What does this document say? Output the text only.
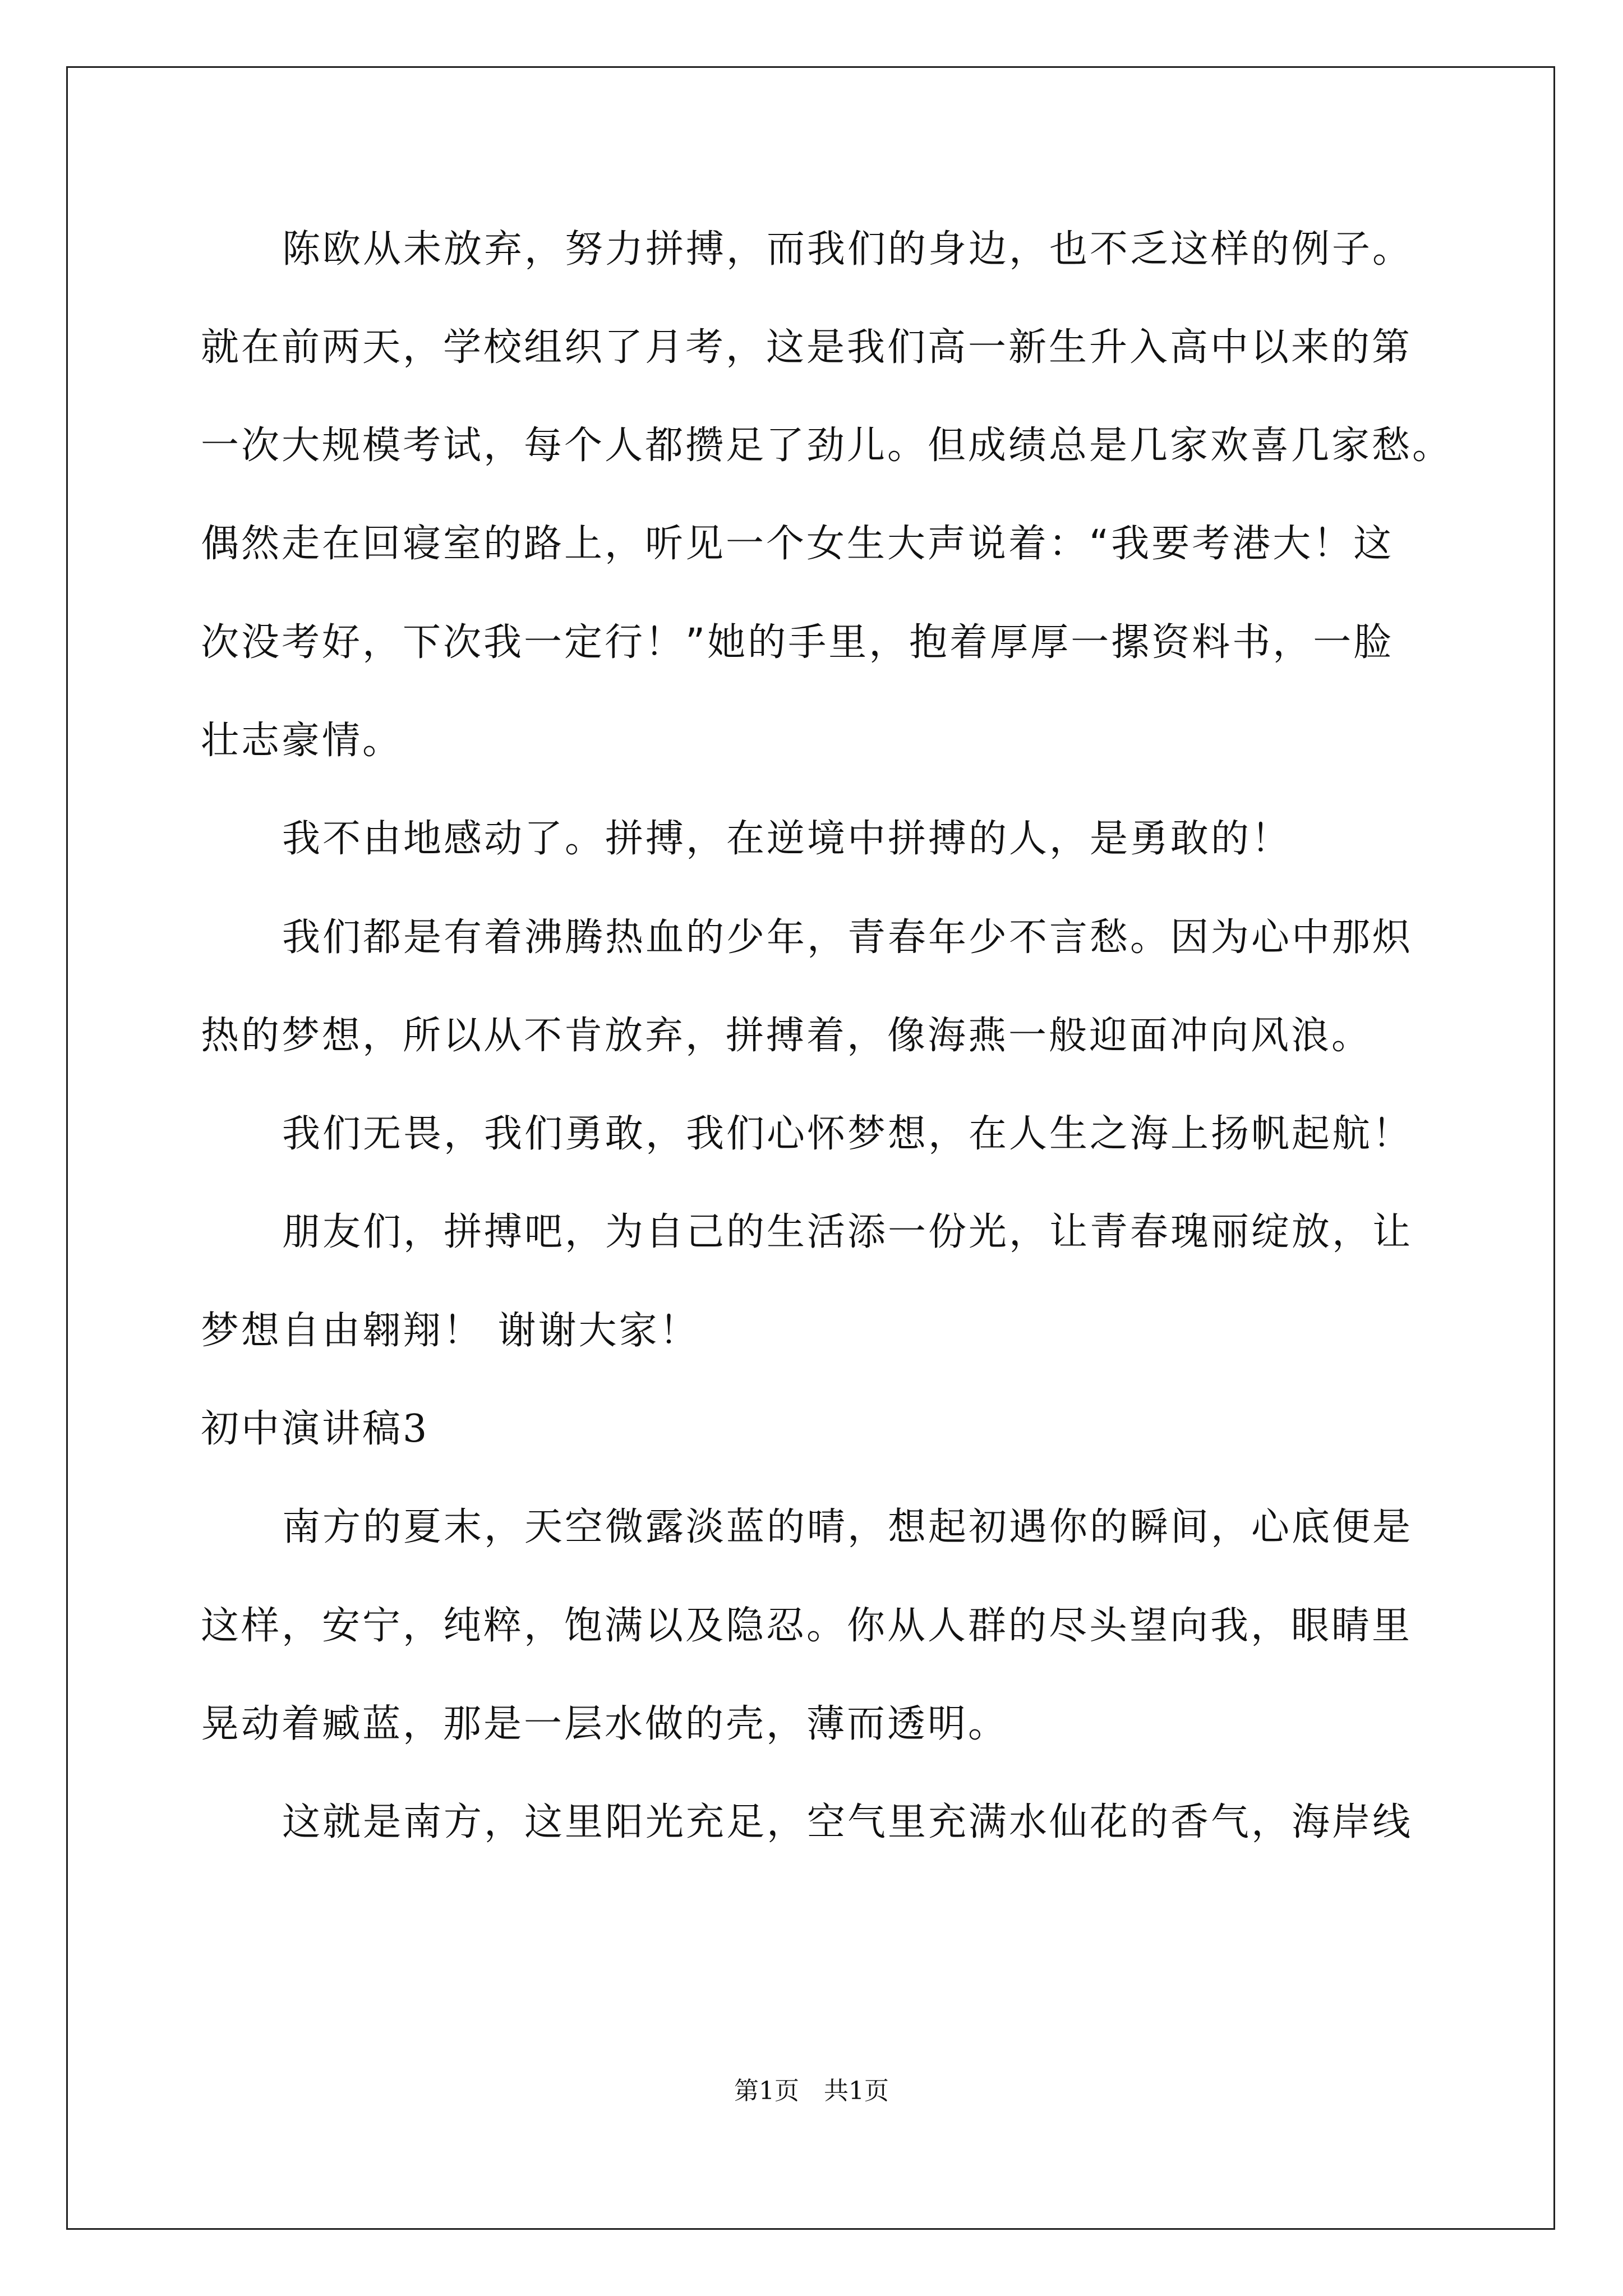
陈欧从未放弃，努力拼搏，而我们的身边，也不乏这样的例子。
就在前两天，学校组织了月考，这是我们高一新生升入高中以来的第
一次大规模考试，每个人都攒足了劲儿。但成绩总是几家欢喜几家愁。
偶然走在回寝室的路上，听见一个女生大声说着：“我要考港大！这
次没考好，下次我一定行！”她的手里，抱着厚厚一摞资料书，一脸
壮志豪情。
我不由地感动了。拼搏，在逆境中拼搏的人，是勇敢的！
我们都是有着沸腾热血的少年，青春年少不言愁。因为心中那炽
热的梦想，所以从不肯放弃，拼搏着，像海燕一般迎面冲向风浪。
我们无畏，我们勇敢，我们心怀梦想，在人生之海上扬帆起航！
朋友们，拼搏吧，为自己的生活添一份光，让青春瑰丽绽放，让
梦想自由翱翔！ 谢谢大家！
初中演讲稿3
南方的夏末，天空微露淡蓝的晴，想起初遇你的瞬间，心底便是
这样，安宁，纯粹，饱满以及隐忍。你从人群的尽头望向我，眼睛里
晃动着臧蓝，那是一层水做的壳，薄而透明。
这就是南方，这里阳光充足，空气里充满水仙花的香气，海岸线
第1页　共1页
